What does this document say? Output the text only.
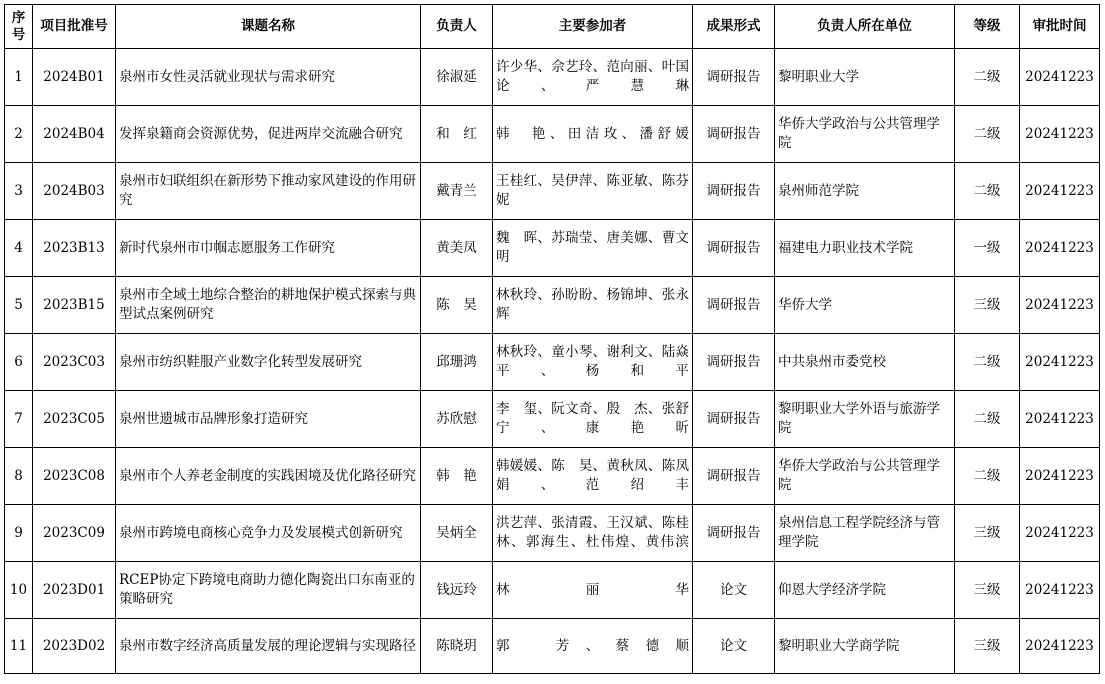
序号	项目批准号	课题名称	负责人	主要参加者	成果形式	负责人所在单位	等级	审批时间
1	2024B01	泉州市女性灵活就业现状与需求研究	徐淑延	许少华、佘艺玲、范向丽、叶国论、严慧琳	调研报告	黎明职业大学	二级	20241223
2	2024B04	发挥泉籍商会资源优势，促进两岸交流融合研究	和　红	韩　艳、田洁玫、潘舒媛	调研报告	华侨大学政治与公共管理学院	二级	20241223
3	2024B03	泉州市妇联组织在新形势下推动家风建设的作用研究	戴青兰	王桂红、吴伊萍、陈亚敏、陈芬妮	调研报告	泉州师范学院	二级	20241223
4	2023B13	新时代泉州市巾帼志愿服务工作研究	黄美凤	魏　晖、苏瑞莹、唐美娜、曹文明	调研报告	福建电力职业技术学院	一级	20241223
5	2023B15	泉州市全域土地综合整治的耕地保护模式探索与典型试点案例研究	陈　昊	林秋玲、孙盼盼、杨锦坤、张永辉	调研报告	华侨大学	三级	20241223
6	2023C03	泉州市纺织鞋服产业数字化转型发展研究	邱珊鸿	林秋玲、童小琴、谢利文、陆焱平、杨和平	调研报告	中共泉州市委党校	二级	20241223
7	2023C05	泉州世遗城市品牌形象打造研究	苏欣慰	李　玺、阮文奇、殷　杰、张舒宁、康艳昕	调研报告	黎明职业大学外语与旅游学院	二级	20241223
8	2023C08	泉州市个人养老金制度的实践困境及优化路径研究	韩　艳	韩媛媛、陈　昊、黄秋凤、陈凤娟、范绍丰	调研报告	华侨大学政治与公共管理学院	二级	20241223
9	2023C09	泉州市跨境电商核心竞争力及发展模式创新研究	吴炳全	洪艺萍、张清霞、王汉斌、陈桂林、郭海生、杜伟煌、黄伟滨	调研报告	泉州信息工程学院经济与管理学院	三级	20241223
10	2023D01	RCEP协定下跨境电商助力德化陶瓷出口东南亚的策略研究	钱远玲	林丽华	论文	仰恩大学经济学院	三级	20241223
11	2023D02	泉州市数字经济高质量发展的理论逻辑与实现路径	陈晓玥	郭　芳、蔡德顺	论文	黎明职业大学商学院	三级	20241223
